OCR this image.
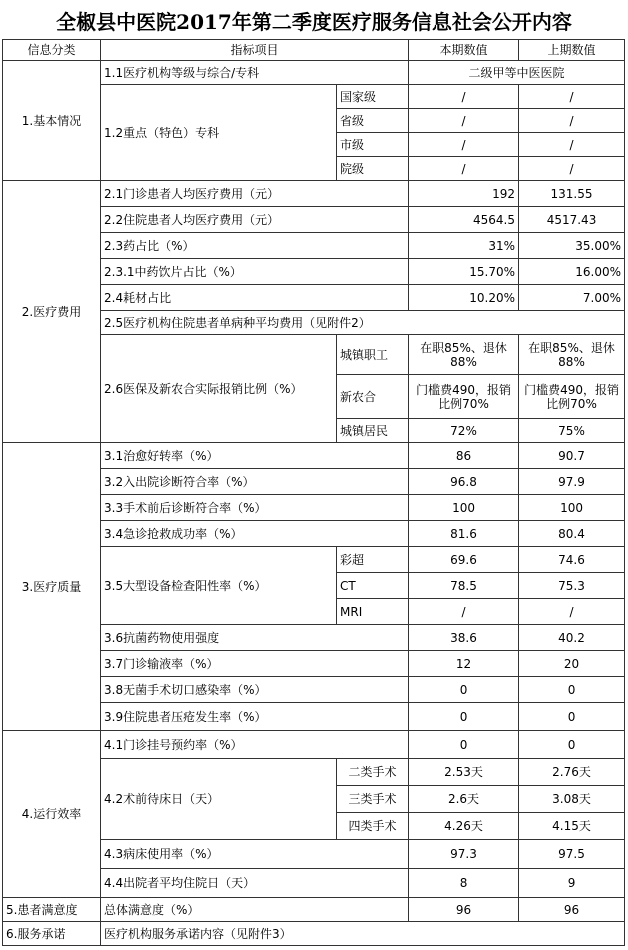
全椒县中医院2017年第二季度医疗服务信息社会公开内容
信息分类	指标项目		本期数值	上期数值
1.基本情况	1.1医疗机构等级与综合/专科		二级甲等中医医院	
	1.2重点（特色）专科	国家级	/	/
		省级	/	/
		市级	/	/
		院级	/	/
2.医疗费用	2.1门诊患者人均医疗费用（元）		192	131.55
	2.2住院患者人均医疗费用（元）		4564.5	4517.43
	2.3药占比（%）		31%	35.00%
	2.3.1中药饮片占比（%）		15.70%	16.00%
	2.4耗材占比		10.20%	7.00%
	2.5医疗机构住院患者单病种平均费用（见附件2）			
	2.6医保及新农合实际报销比例（%）	城镇职工	在职85%、退休88%	在职85%、退休88%
		新农合	门槛费490，报销比例70%	门槛费490，报销比例70%
		城镇居民	72%	75%

3.医疗质量	3.1治愈好转率（%）		86	90.7
	3.2入出院诊断符合率（%）		96.8	97.9
	3.3手术前后诊断符合率（%）		100	100
	3.4急诊抢救成功率（%）		81.6	80.4
	3.5大型设备检查阳性率（%）	彩超	69.6	74.6
		CT	78.5	75.3
		MRI	/	/
	3.6抗菌药物使用强度		38.6	40.2
	3.7门诊输液率（%）		12	20
	3.8无菌手术切口感染率（%）		0	0
	3.9住院患者压疮发生率（%）		0	0
4.运行效率	4.1门诊挂号预约率（%）		0	0
	4.2术前待床日（天）	二类手术	2.53天	2.76天
		三类手术	2.6天	3.08天
		四类手术	4.26天	4.15天
	4.3病床使用率（%）		97.3	97.5
	4.4出院者平均住院日（天）		8	9
5.患者满意度	总体满意度（%）		96	96
6.服务承诺	医疗机构服务承诺内容（见附件3）			
